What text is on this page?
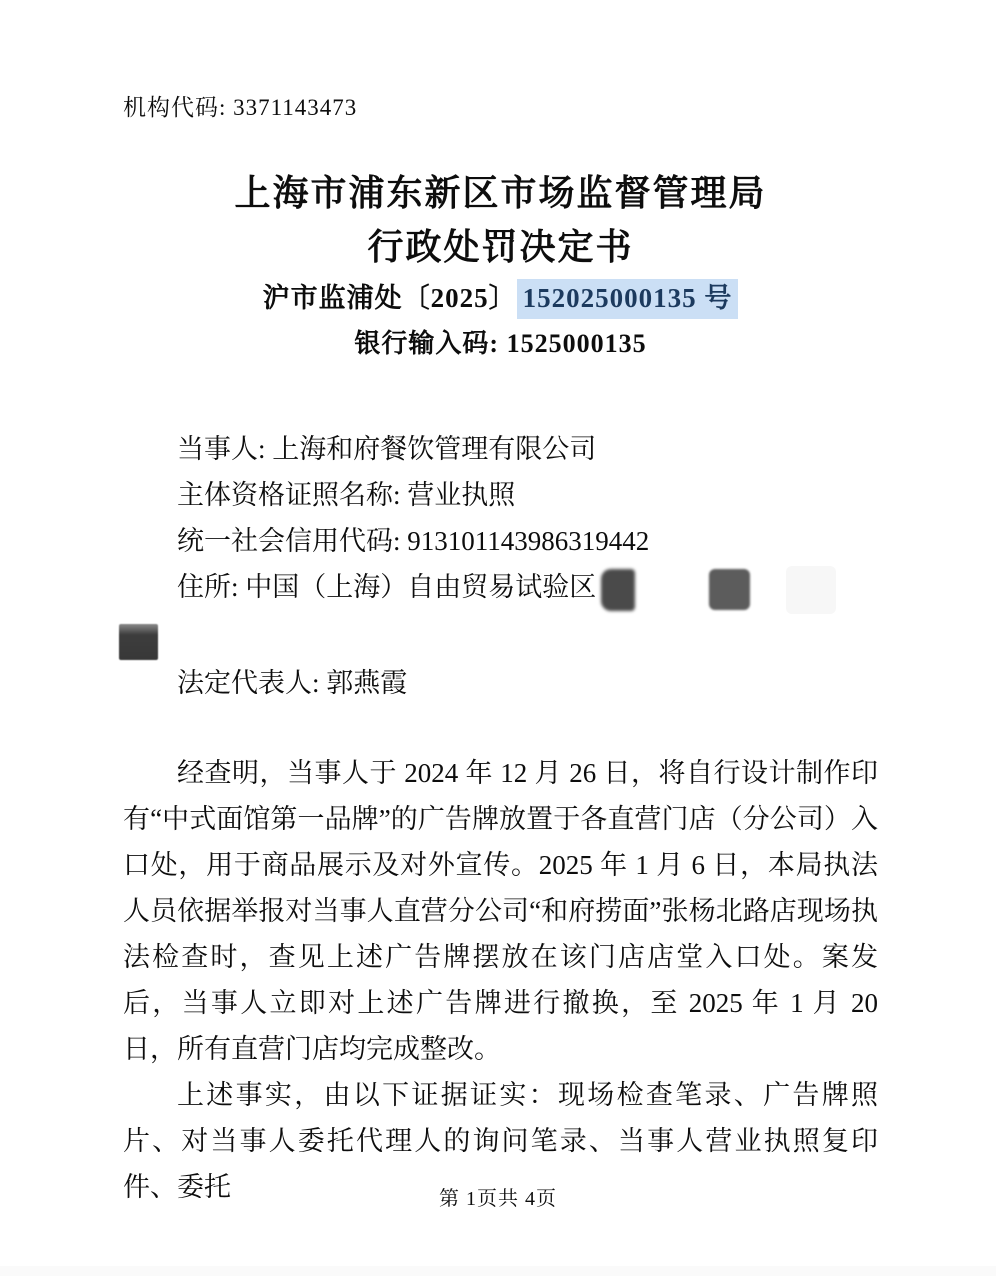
机构代码: 3371143473
上海市浦东新区市场监督管理局
行政处罚决定书
沪市监浦处〔2025〕 152025000135 号
银行输入码: 1525000135
当事人: 上海和府餐饮管理有限公司
主体资格证照名称: 营业执照
统一社会信用代码: 913101143986319442
住所: 中国（上海）自由贸易试验区
法定代表人: 郭燕霞

经查明，当事人于 2024 年 12 月 26 日，将自行设计制作印有“中式面馆第一品牌”的广告牌放置于各直营门店（分公司）入口处，用于商品展示及对外宣传。2025 年 1 月 6 日，本局执法人员依据举报对当事人直营分公司“和府捞面”张杨北路店现场执法检查时，查见上述广告牌摆放在该门店店堂入口处。案发后，当事人立即对上述广告牌进行撤换，至 2025 年 1 月 20 日，所有直营门店均完成整改。

上述事实，由以下证据证实：现场检查笔录、广告牌照片、对当事人委托代理人的询问笔录、当事人营业执照复印件、委托	第 1页共 4页
